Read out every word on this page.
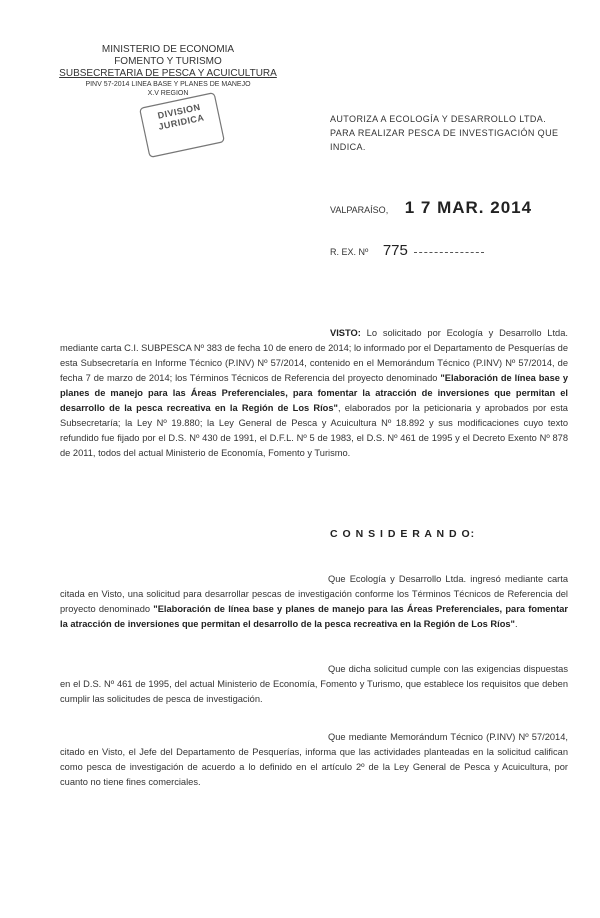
MINISTERIO DE ECONOMIA
FOMENTO Y TURISMO
SUBSECRETARIA DE PESCA Y ACUICULTURA
PINV 57-2014 LINEA BASE Y PLANES DE MANEJO
X.V REGION
DIVISION JURIDICA	AUTORIZA A ECOLOGÍA Y DESARROLLO LTDA. PARA REALIZAR PESCA DE INVESTIGACIÓN QUE INDICA.
VALPARAÍSO, 1 7 MAR. 2014
R. EX. Nº 775
VISTO: Lo solicitado por Ecología y Desarrollo Ltda. mediante carta C.I. SUBPESCA Nº 383 de fecha 10 de enero de 2014; lo informado por el Departamento de Pesquerías de esta Subsecretaría en Informe Técnico (P.INV) Nº 57/2014, contenido en el Memorándum Técnico (P.INV) Nº 57/2014, de fecha 7 de marzo de 2014; los Términos Técnicos de Referencia del proyecto denominado "Elaboración de línea base y planes de manejo para las Áreas Preferenciales, para fomentar la atracción de inversiones que permitan el desarrollo de la pesca recreativa en la Región de Los Ríos", elaborados por la peticionaria y aprobados por esta Subsecretaría; la Ley Nº 19.880; la Ley General de Pesca y Acuicultura Nº 18.892 y sus modificaciones cuyo texto refundido fue fijado por el D.S. Nº 430 de 1991, el D.F.L. Nº 5 de 1983, el D.S. Nº 461 de 1995 y el Decreto Exento Nº 878 de 2011, todos del actual Ministerio de Economía, Fomento y Turismo.
C O N S I D E R A N D O:
Que Ecología y Desarrollo Ltda. ingresó mediante carta citada en Visto, una solicitud para desarrollar pescas de investigación conforme los Términos Técnicos de Referencia del proyecto denominado "Elaboración de línea base y planes de manejo para las Áreas Preferenciales, para fomentar la atracción de inversiones que permitan el desarrollo de la pesca recreativa en la Región de Los Ríos".
Que dicha solicitud cumple con las exigencias dispuestas en el D.S. Nº 461 de 1995, del actual Ministerio de Economía, Fomento y Turismo, que establece los requisitos que deben cumplir las solicitudes de pesca de investigación.
Que mediante Memorándum Técnico (P.INV) Nº 57/2014, citado en Visto, el Jefe del Departamento de Pesquerías, informa que las actividades planteadas en la solicitud califican como pesca de investigación de acuerdo a lo definido en el artículo 2º de la Ley General de Pesca y Acuicultura, por cuanto no tiene fines comerciales.
